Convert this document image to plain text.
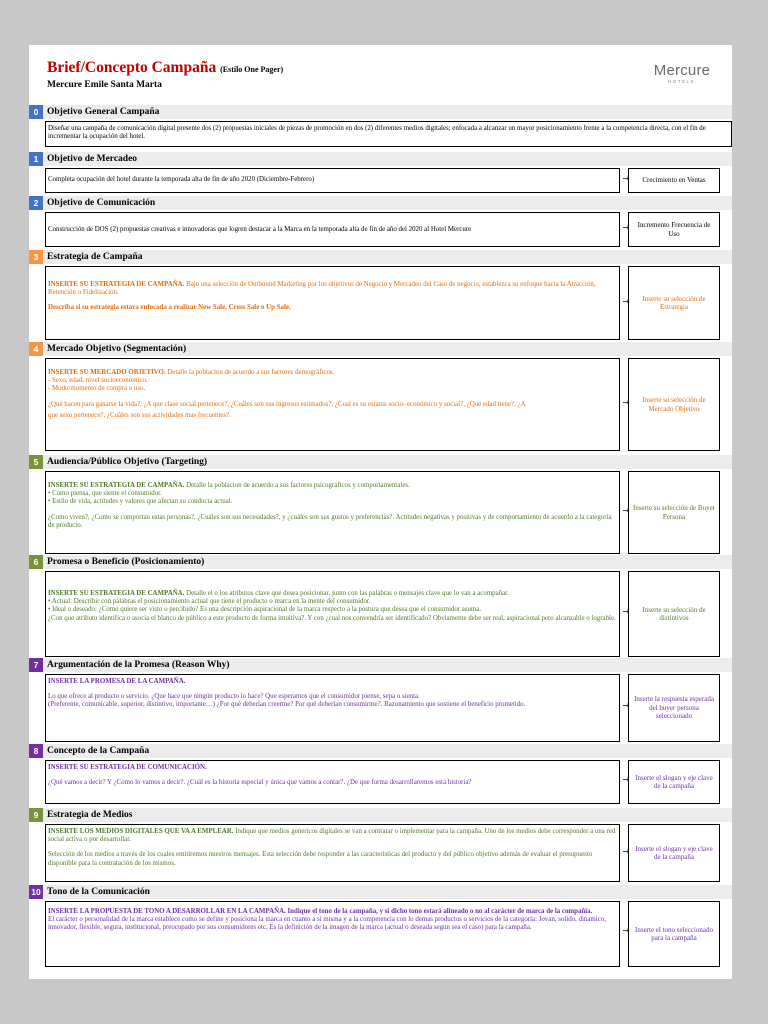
Brief/Concepto Campaña (Estilo One Pager)
Mercure Emile Santa Marta
Mercure
HOTELS
0 Objetivo General Campaña

Diseñar una campaña de comunicación digital presente dos (2) propuestas iniciales de piezas de promoción en dos (2) diferentes medios digitales; enfocada a alcanzar un mayor posicionamiento frente a la competencia directa, con el fin de incrementar la ocupación del hotel.

1 Objetivo de Mercadeo

Completa ocupación del hotel durante la temporada alta de fin de año 2020 (Diciembre-Febrero)	→	Crecimiento en Ventas
2 Objetivo de Comunicación

Construcción de DOS (2) propuestas creativas e innovadoras que logren destacar a la Marca en la temporada alta de fin de año del 2020 al Hotel Mercure	→	Incremento Frecuencia de Uso
3 Estrategia de Campaña

INSERTE SU ESTRATEGIA DE CAMPAÑA. Bajo una selección de Outbound Marketing por los objetivos de Negocio y Mercadeo del Caso de negocio, establezca su enfoque hacia la Atracción, Retención o Fidelización.

Describa si su estrategia estara enfocada a realizar New Sale, Cross Sale o Up Sale.

→	Inserte su selección de Estrategia
4 Mercado Objetivo (Segmentación)

INSERTE SU MERCADO OBJETIVO. Detalle la poblacion de acuerdo a sus factores demográficos.

- Sexo, edad, nivel socioeconómico.

- Modo/momento de compra o uso.

¿Qué hacen para ganarse la vida?, ¿A que clase social pertenece?, ¿Cuáles son sus ingresos estimados?, ¿Cual es su estatus socio- económico y social?, ¿Qué edad tiene?, ¿A

que sexo pertenece?, ¿Cuáles son sus actividades mas frecuentes?.

→	Inserte su selección de Mercado Objetivo
5 Audiencia/Público Objetivo (Targeting)

INSERTE SU ESTRATEGIA DE CAMPAÑA. Detalle la poblacion de acuerdo a sus factores psicográficos y comportamentales.

• Como piensa, que siente el consumidor.

• Estilo de vida, actitudes y valores que afectan su conducta actual.

¿Como viven?, ¿Como se comportan estas personas?, ¿Cuáles son sus necesidades?, y ¿cuáles son sus gustos y preferencias?. Actitudes negativas y positivas y de comportamiento de acuerdo a la categoría de producto.

→ Inserte su selección de Buyer Persona
6 Promesa o Beneficio (Posicionamiento)

INSERTE SU ESTRATEGIA DE CAMPAÑA. Detalle el o los atributos clave que desea posicionar, junto con las palabras o mensajes clave que lo van a acompañar.

• Actual: Describir con palabras el posicionamiento actual que tiene el producto o marca en la mente del consumidor.

• Ideal o deseado: ¿Como quiere ser visto o percibido? Es una descripción aspiracional de la marca respecto a la postura que desea que el consumidor asuma.

¿Con que atributo identifica o asocia el blanco de público a este producto de forma intuitiva?. Y con ¿cual nos convendría ser identificado? Obviamente debe ser real, aspiracional pero alcanzable o lograble.

→	Inserte su selección de distintivos
7 Argumentación de la Promesa (Reason Why)

INSERTE LA PROMESA DE LA CAMPAÑA.

Lo que ofrece al producto o servicio. ¿Que hace que ningún producto lo hace? Que esperamos que el consumidor piense, sepa o sienta.

(Preferente, comunicable, superior, distintivo, importante…) ¿Por qué deberían creerme? Por qué deberían consumirme?. Razonamiento que sostiene el beneficio prometido.	→
Inserte la respuesta esperada del buyer persona seleccionado
8 Concepto de la Campaña

INSERTE SU ESTRATEGIA DE COMUNICACIÓN.

¿Qué vamos a decir? Y ¿Como lo vamos a decir?. ¿Cuál es la historia especial y única que vamos a contar?. ¿De que forma desarrollaremos esta historia?	→ Inserte el slogan y eje clave de la campaña
9 Estrategia de Medios

INSERTE LOS MEDIOS DIGITALES QUE VA A EMPLEAR. Indique que medios genericos digitales se van a contratar o implementar para la campaña. Uno de los medios debe corresponder a una red social activa o por desarrollar.

Selección de los medios a través de los cuales emitiremos nuestros mensajes. Esta selección debe responder a las características del producto y del público objetivo además de evaluar el presupuesto disponible para la contratación de los mismos.

→ Inserte el slogan y eje clave de la campaña
10 Tono de la Comunicación

INSERTE LA PROPUESTA DE TONO A DESARROLLAR EN LA CAMPAÑA. Indique el tono de la campaña, y si dicho tono estará alineado o no al carácter de marca de la compañía.

El carácter o personalidad de la marca establece como se define y posiciona la marca en cuanto a sí misma y a la competencia con lo demas productos o servicios de la categoría: Jovan, solido, dinamico, innovador, flexible, segura, institucional, preocupado por sus consumidores etc. Es la definición de la imagen de la marca (actual o deseada segun sea el caso) para la campaña.	→ Inserte el tono seleccionado para la campaña
